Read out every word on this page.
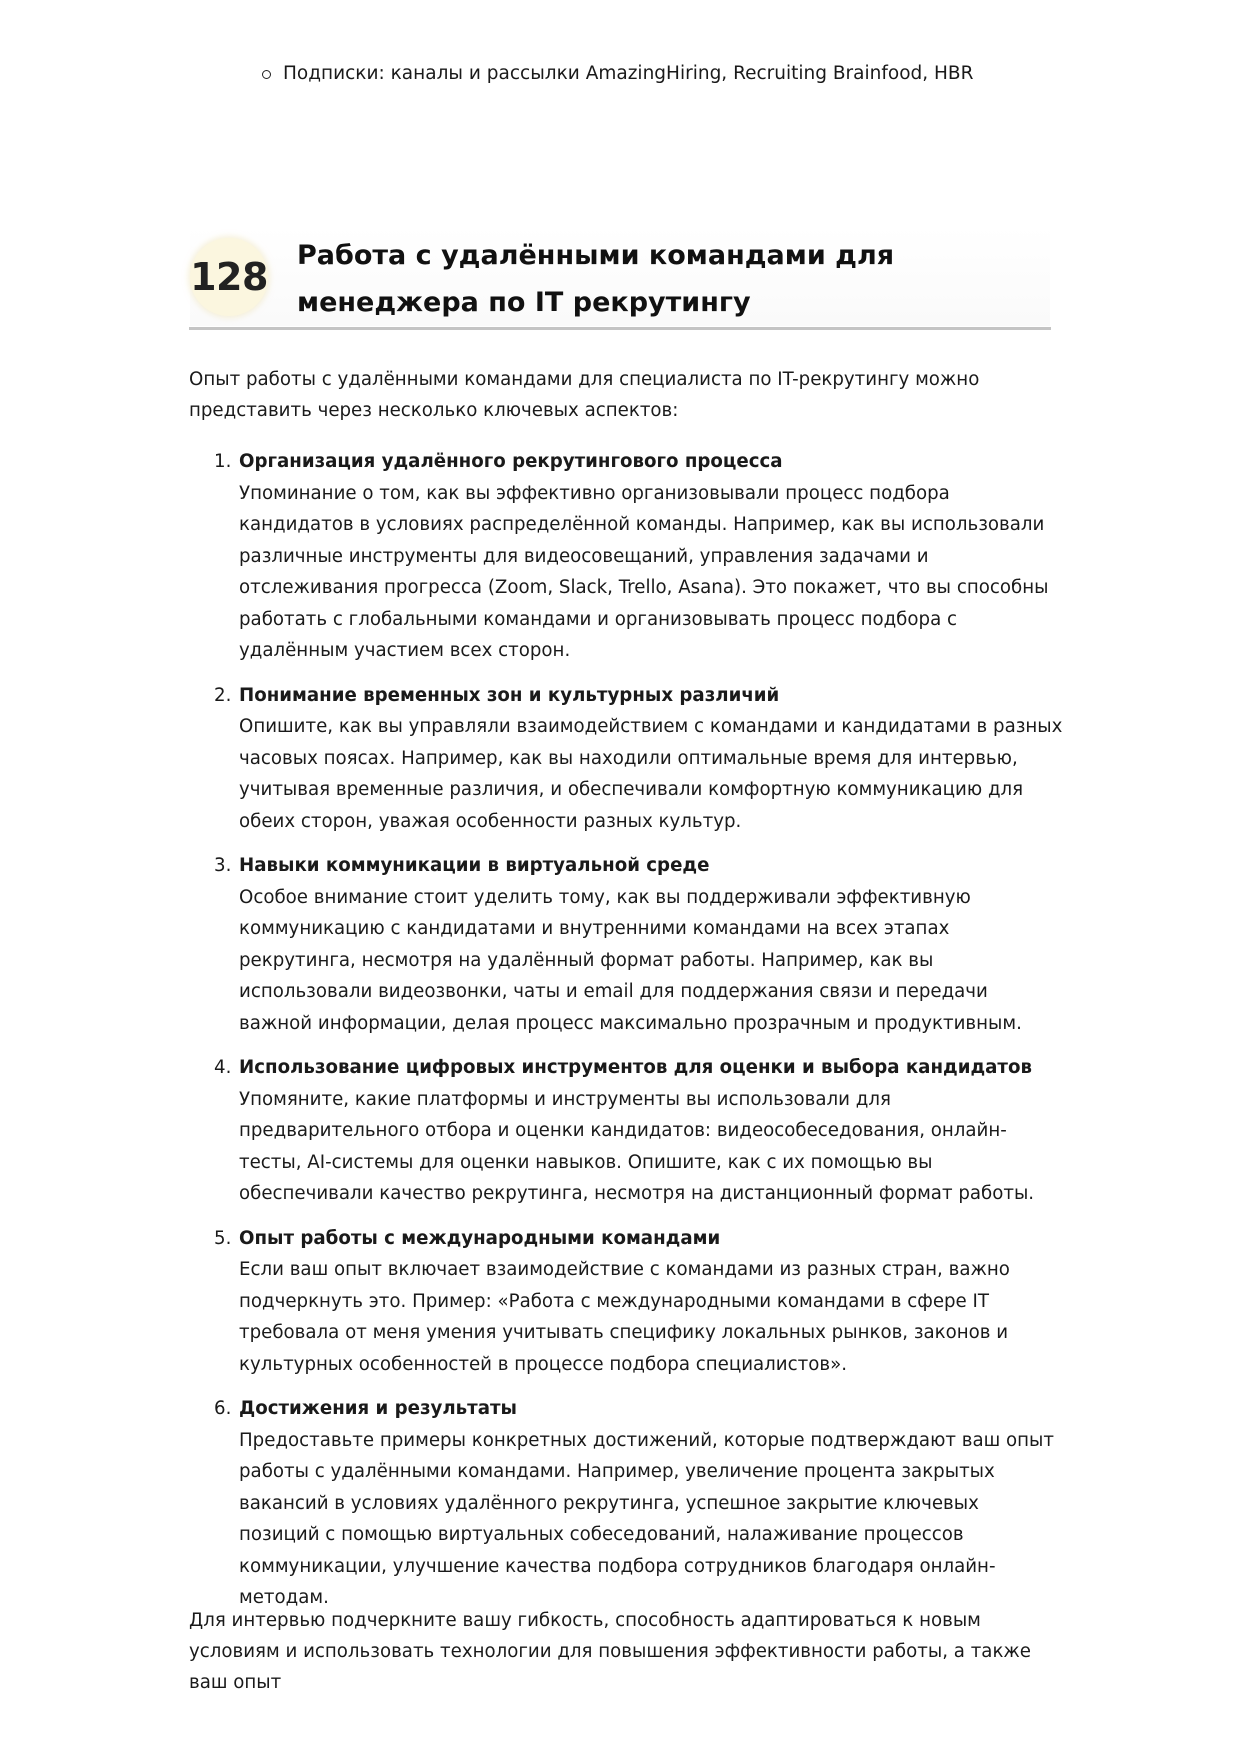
Подписки: каналы и рассылки AmazingHiring, Recruiting Brainfood, HBR
128 Работа с удалёнными командами для менеджера по IT рекрутингу
Опыт работы с удалёнными командами для специалиста по IT-рекрутингу можно представить через несколько ключевых аспектов:
1. Организация удалённого рекрутингового процесса
Упоминание о том, как вы эффективно организовывали процесс подбора кандидатов в условиях распределённой команды. Например, как вы использовали различные инструменты для видеосовещаний, управления задачами и отслеживания прогресса (Zoom, Slack, Trello, Asana). Это покажет, что вы способны работать с глобальными командами и организовывать процесс подбора с удалённым участием всех сторон.
2. Понимание временных зон и культурных различий
Опишите, как вы управляли взаимодействием с командами и кандидатами в разных часовых поясах. Например, как вы находили оптимальные время для интервью, учитывая временные различия, и обеспечивали комфортную коммуникацию для обеих сторон, уважая особенности разных культур.
3. Навыки коммуникации в виртуальной среде
Особое внимание стоит уделить тому, как вы поддерживали эффективную коммуникацию с кандидатами и внутренними командами на всех этапах рекрутинга, несмотря на удалённый формат работы. Например, как вы использовали видеозвонки, чаты и email для поддержания связи и передачи важной информации, делая процесс максимально прозрачным и продуктивным.
4. Использование цифровых инструментов для оценки и выбора кандидатов
Упомяните, какие платформы и инструменты вы использовали для предварительного отбора и оценки кандидатов: видеособеседования, онлайн-тесты, AI-системы для оценки навыков. Опишите, как с их помощью вы обеспечивали качество рекрутинга, несмотря на дистанционный формат работы.
5. Опыт работы с международными командами
Если ваш опыт включает взаимодействие с командами из разных стран, важно подчеркнуть это. Пример: «Работа с международными командами в сфере IT требовала от меня умения учитывать специфику локальных рынков, законов и культурных особенностей в процессе подбора специалистов».
6. Достижения и результаты
Предоставьте примеры конкретных достижений, которые подтверждают ваш опыт работы с удалёнными командами. Например, увеличение процента закрытых вакансий в условиях удалённого рекрутинга, успешное закрытие ключевых позиций с помощью виртуальных собеседований, налаживание процессов коммуникации, улучшение качества подбора сотрудников благодаря онлайн-методам.
Для интервью подчеркните вашу гибкость, способность адаптироваться к новым условиям и использовать технологии для повышения эффективности работы, а также ваш опыт
